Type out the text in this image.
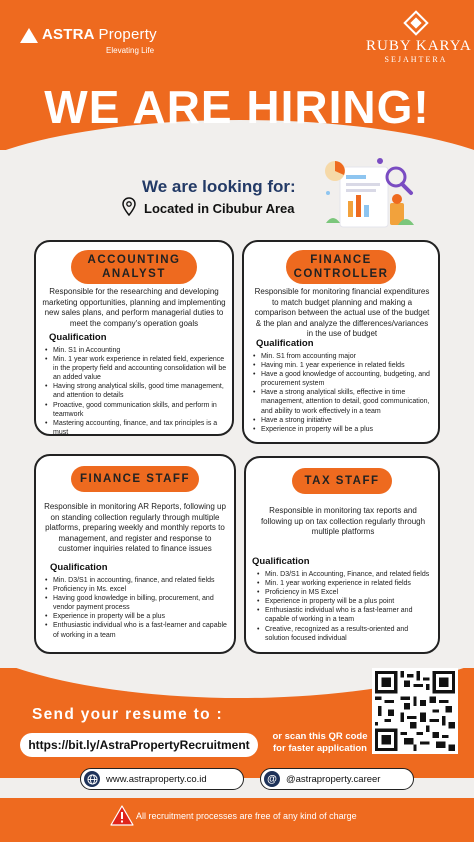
ASTRA Property
Elevating Life	RUBY KARYA
SEJAHTERA
WE ARE HIRING!
We are looking for:
Located in Cibubur Area
ACCOUNTING ANALYST
Responsible for the researching and developing marketing opportunities, planning and implementing new sales plans, and perform managerial duties to meet the company's operation goals
Qualification
• Min. S1 in Accounting
• Min. 1 year work experience in related field, experience in the property field and accounting consolidation will be an added value
• Having strong analytical skills, good time management, and attention to details
• Proactive, good communication skills, and perform in teamwork
• Mastering accounting, finance, and tax principles is a must
FINANCE CONTROLLER
Responsible for monitoring financial expenditures to match budget planning and making a comparison between the actual use of the budget & the plan and analyze the differences/variances in the use of budget
Qualification
• Min. S1 from accounting major
• Having min. 1 year experience in related fields
• Have a good knowledge of accounting, budgeting, and procurement system
• Have a strong analytical skills, effective in time management, attention to detail, good communication, and ability to work effectively in a team
• Have a strong initiative
• Experience in property will be a plus
FINANCE STAFF
Responsible in monitoring AR Reports, following up on standing collection regularly through multiple platforms, preparing weekly and monthly reports to management, and register and response to customer inquiries related to finance issues
Qualification
• Min. D3/S1 in accounting, finance, and related fields
• Proficiency in Ms. excel
• Having good knowledge in billing, procurement, and vendor payment process
• Experience in property will be a plus
• Enthusiastic individual who is a fast-learner and capable of working in a team
TAX STAFF
Responsible in monitoring tax reports and following up on tax collection regularly through multiple platforms
Qualification
• Min. D3/S1 in Accounting, Finance, and related fields
• Min. 1 year working experience in related fields
• Proficiency in MS Excel
• Experience in property will be a plus point
• Enthusiastic individual who is a fast-learner and capable of working in a team
• Creative, recognized as a results-oriented and solution focused individual
Send your resume to :
https://bit.ly/AstraPropertyRecruitment
or scan this QR code for faster application
www.astraproperty.co.id	@ @astraproperty.career
All recruitment processes are free of any kind of charge
